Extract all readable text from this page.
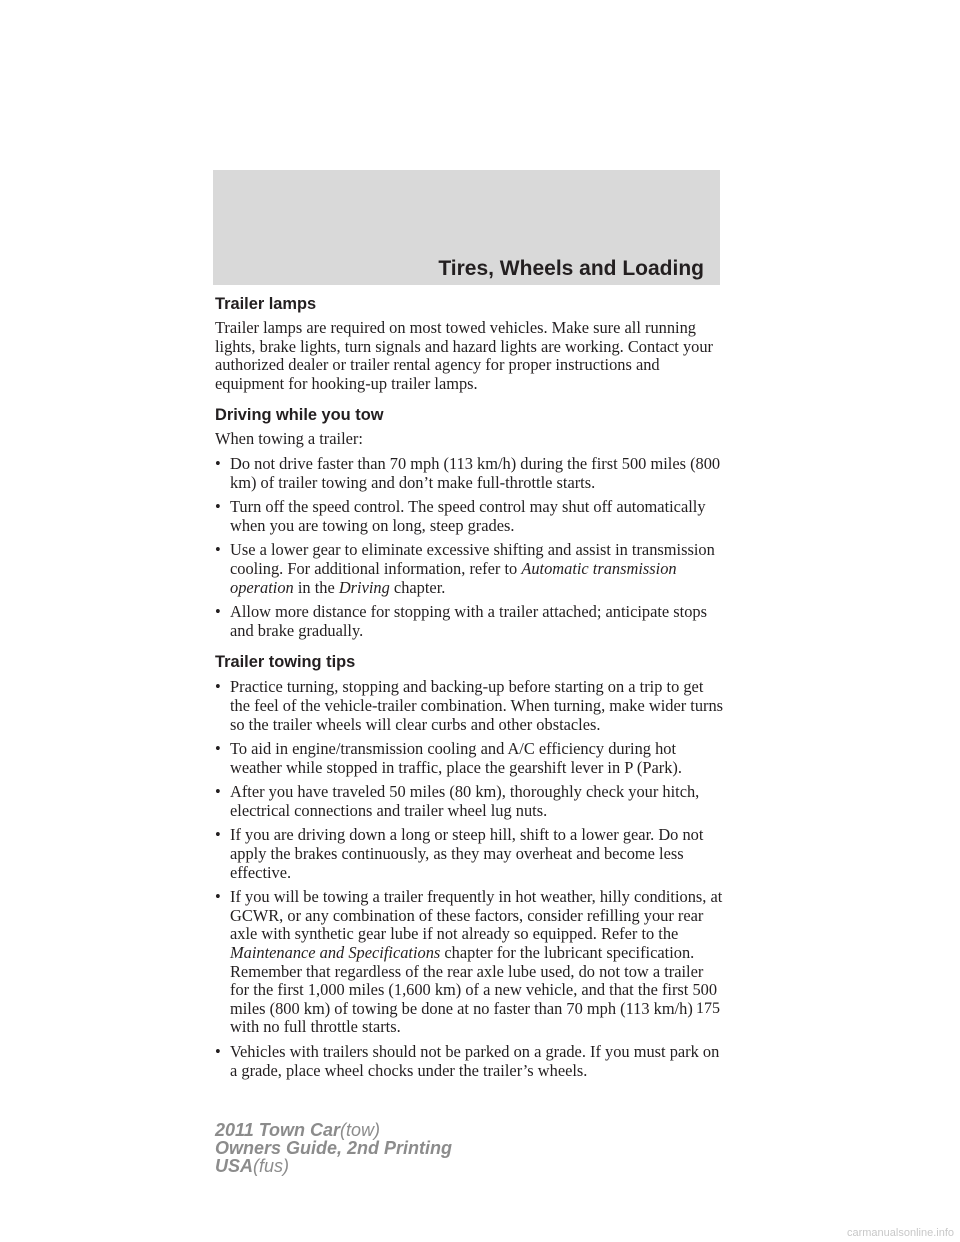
Tires, Wheels and Loading
Trailer lamps

Trailer lamps are required on most towed vehicles. Make sure all running lights, brake lights, turn signals and hazard lights are working. Contact your authorized dealer or trailer rental agency for proper instructions and equipment for hooking-up trailer lamps.

Driving while you tow

When towing a trailer:

• Do not drive faster than 70 mph (113 km/h) during the first 500 miles (800 km) of trailer towing and don’t make full-throttle starts.
• Turn off the speed control. The speed control may shut off automatically when you are towing on long, steep grades.
• Use a lower gear to eliminate excessive shifting and assist in transmission cooling. For additional information, refer to Automatic transmission operation in the Driving chapter.
• Allow more distance for stopping with a trailer attached; anticipate stops and brake gradually.
Trailer towing tips
• Practice turning, stopping and backing-up before starting on a trip to get the feel of the vehicle-trailer combination. When turning, make wider turns so the trailer wheels will clear curbs and other obstacles.
• To aid in engine/transmission cooling and A/C efficiency during hot weather while stopped in traffic, place the gearshift lever in P (Park).
• After you have traveled 50 miles (80 km), thoroughly check your hitch, electrical connections and trailer wheel lug nuts.
• If you are driving down a long or steep hill, shift to a lower gear. Do not apply the brakes continuously, as they may overheat and become less effective.
• If you will be towing a trailer frequently in hot weather, hilly conditions, at GCWR, or any combination of these factors, consider refilling your rear axle with synthetic gear lube if not already so equipped. Refer to the Maintenance and Specifications chapter for the lubricant specification. Remember that regardless of the rear axle lube used, do not tow a trailer for the first 1,000 miles (1,600 km) of a new vehicle, and that the first 500 miles (800 km) of towing be done at no faster than 70 mph (113 km/h) with no full throttle starts.
• Vehicles with trailers should not be parked on a grade. If you must park on a grade, place wheel chocks under the trailer’s wheels.
175
2011 Town Car(tow)
Owners Guide, 2nd Printing
USA(fus)
carmanualsonline.info
